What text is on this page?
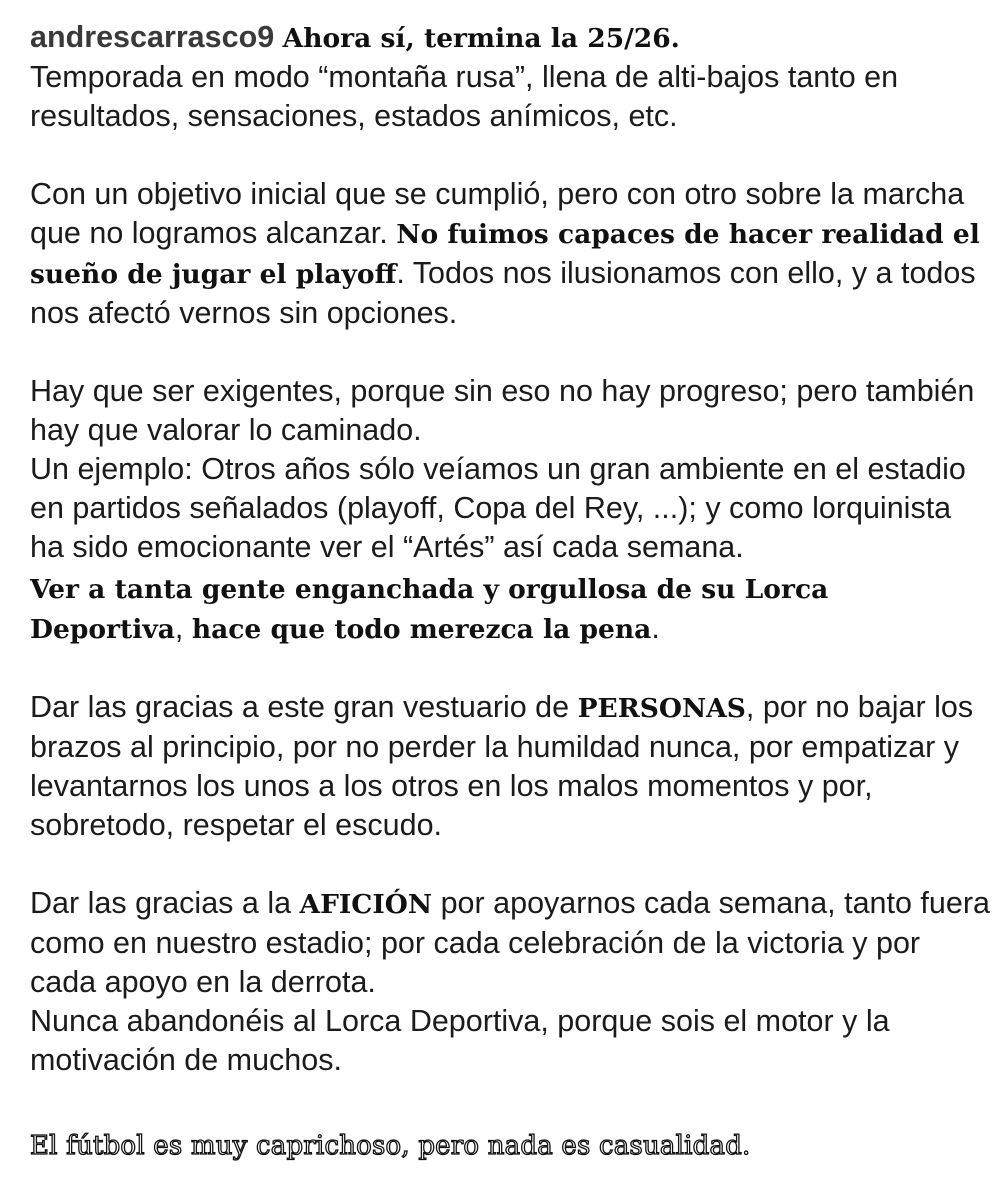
andrescarrasco9 Ahora sí, termina la 25/26.

Temporada en modo “montaña rusa”, llena de alti-bajos tanto en resultados, sensaciones, estados anímicos, etc.

Con un objetivo inicial que se cumplió, pero con otro sobre la marcha que no logramos alcanzar. No fuimos capaces de hacer realidad el sueño de jugar el playoff. Todos nos ilusionamos con ello, y a todos nos afectó vernos sin opciones.

Hay que ser exigentes, porque sin eso no hay progreso; pero también hay que valorar lo caminado.

Un ejemplo: Otros años sólo veíamos un gran ambiente en el estadio en partidos señalados (playoff, Copa del Rey, ...); y como lorquinista ha sido emocionante ver el “Artés” así cada semana.

Ver a tanta gente enganchada y orgullosa de su Lorca Deportiva, hace que todo merezca la pena.

Dar las gracias a este gran vestuario de PERSONAS, por no bajar los brazos al principio, por no perder la humildad nunca, por empatizar y levantarnos los unos a los otros en los malos momentos y por, sobretodo, respetar el escudo.

Dar las gracias a la AFICIÓN por apoyarnos cada semana, tanto fuera como en nuestro estadio; por cada celebración de la victoria y por cada apoyo en la derrota.

Nunca abandonéis al Lorca Deportiva, porque sois el motor y la motivación de muchos.

El fútbol es muy caprichoso, pero nada es casualidad.
